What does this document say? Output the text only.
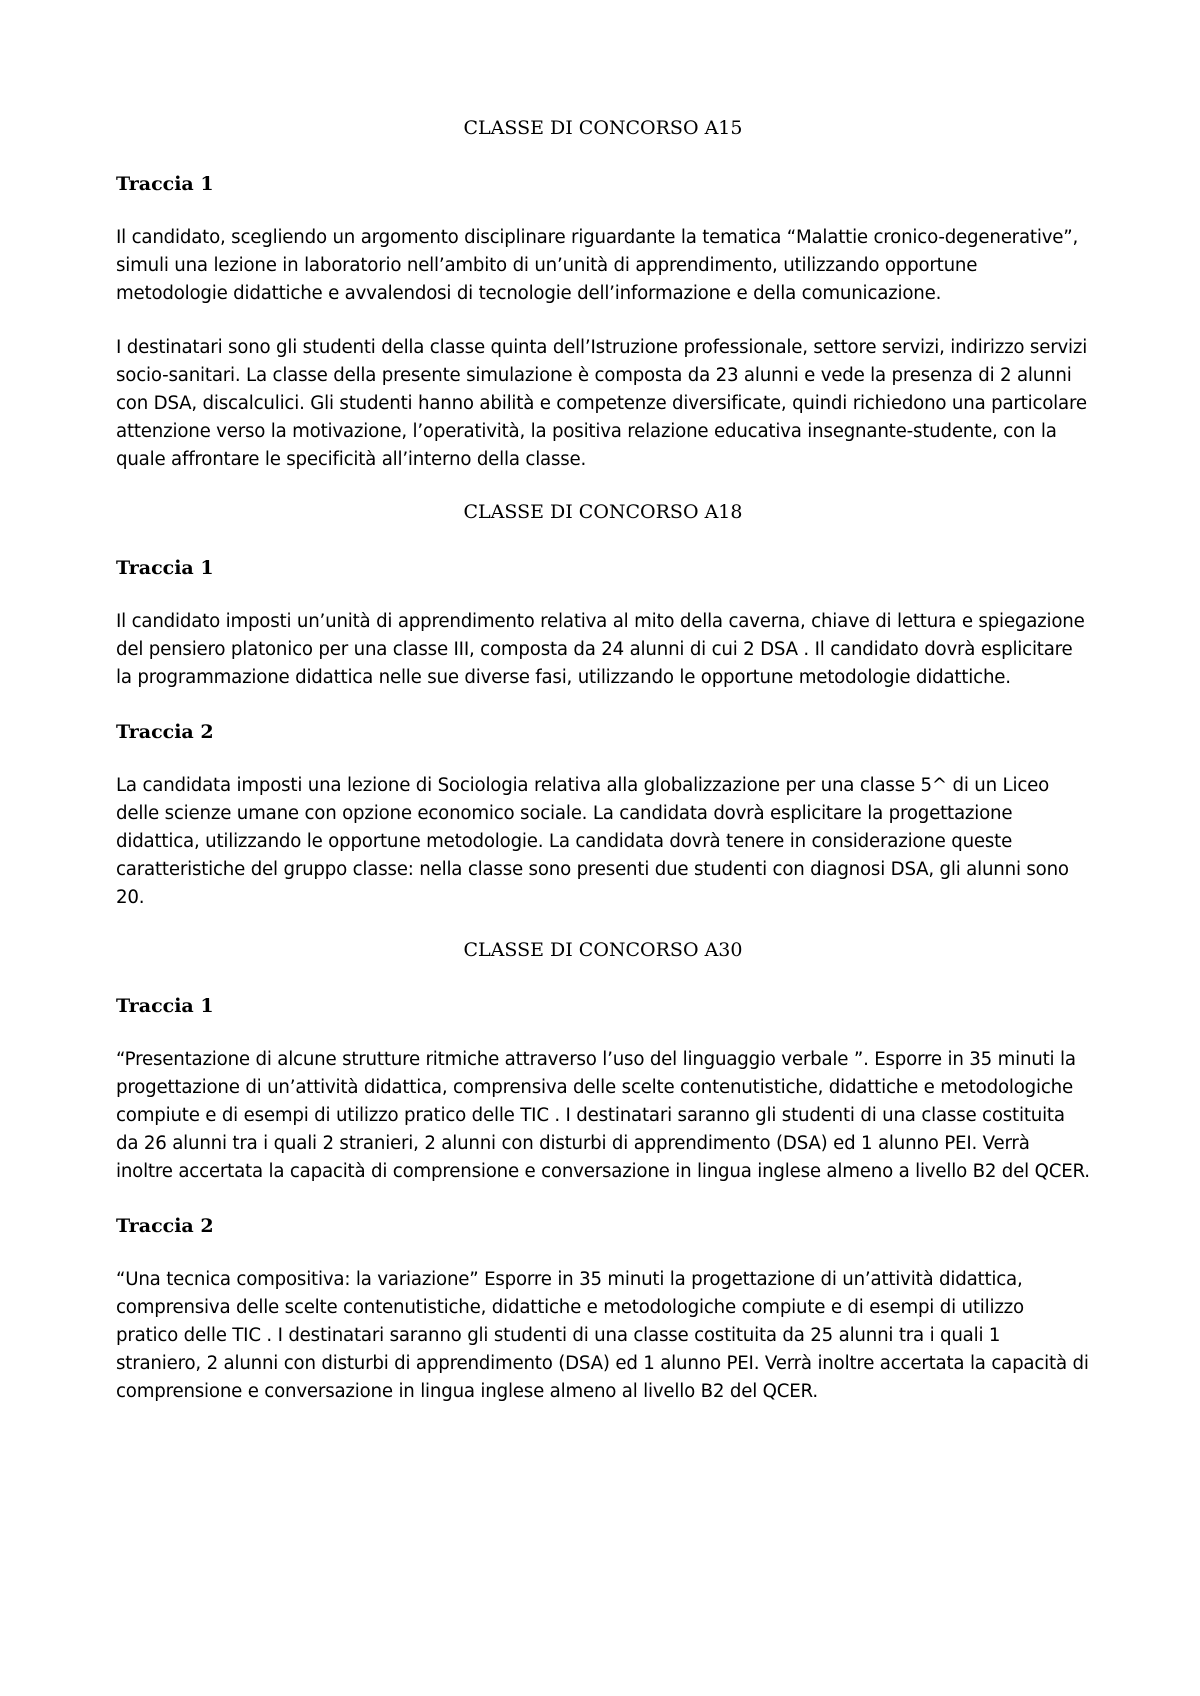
CLASSE DI CONCORSO A15
Traccia 1

Il candidato, scegliendo un argomento disciplinare riguardante la tematica “Malattie cronico-degenerative”, simuli una lezione in laboratorio nell’ambito di un’unità di apprendimento, utilizzando opportune metodologie didattiche e avvalendosi di tecnologie dell’informazione e della comunicazione.

I destinatari sono gli studenti della classe quinta dell’Istruzione professionale, settore servizi, indirizzo servizi socio-sanitari. La classe della presente simulazione è composta da 23 alunni e vede la presenza di 2 alunni con DSA, discalculici. Gli studenti hanno abilità e competenze diversificate, quindi richiedono una particolare attenzione verso la motivazione, l’operatività, la positiva relazione educativa insegnante-studente, con la quale affrontare le specificità all’interno della classe.

CLASSE DI CONCORSO A18
Traccia 1

Il candidato imposti un’unità di apprendimento relativa al mito della caverna, chiave di lettura e spiegazione del pensiero platonico per una classe III, composta da 24 alunni di cui 2 DSA . Il candidato dovrà esplicitare la programmazione didattica nelle sue diverse fasi, utilizzando le opportune metodologie didattiche.

Traccia 2

La candidata imposti una lezione di Sociologia relativa alla globalizzazione per una classe 5^ di un Liceo delle scienze umane con opzione economico sociale. La candidata dovrà esplicitare la progettazione didattica, utilizzando le opportune metodologie. La candidata dovrà tenere in considerazione queste caratteristiche del gruppo classe: nella classe sono presenti due studenti con diagnosi DSA, gli alunni sono 20.

CLASSE DI CONCORSO A30
Traccia 1

“Presentazione di alcune strutture ritmiche attraverso l’uso del linguaggio verbale ”. Esporre in 35 minuti la progettazione di un’attività didattica, comprensiva delle scelte contenutistiche, didattiche e metodologiche compiute e di esempi di utilizzo pratico delle TIC . I destinatari saranno gli studenti di una classe costituita da 26 alunni tra i quali 2 stranieri, 2 alunni con disturbi di apprendimento (DSA) ed 1 alunno PEI. Verrà inoltre accertata la capacità di comprensione e conversazione in lingua inglese almeno a livello B2 del QCER.

Traccia 2

“Una tecnica compositiva: la variazione” Esporre in 35 minuti la progettazione di un’attività didattica, comprensiva delle scelte contenutistiche, didattiche e metodologiche compiute e di esempi di utilizzo pratico delle TIC . I destinatari saranno gli studenti di una classe costituita da 25 alunni tra i quali 1 straniero, 2 alunni con disturbi di apprendimento (DSA) ed 1 alunno PEI. Verrà inoltre accertata la capacità di comprensione e conversazione in lingua inglese almeno al livello B2 del QCER.
